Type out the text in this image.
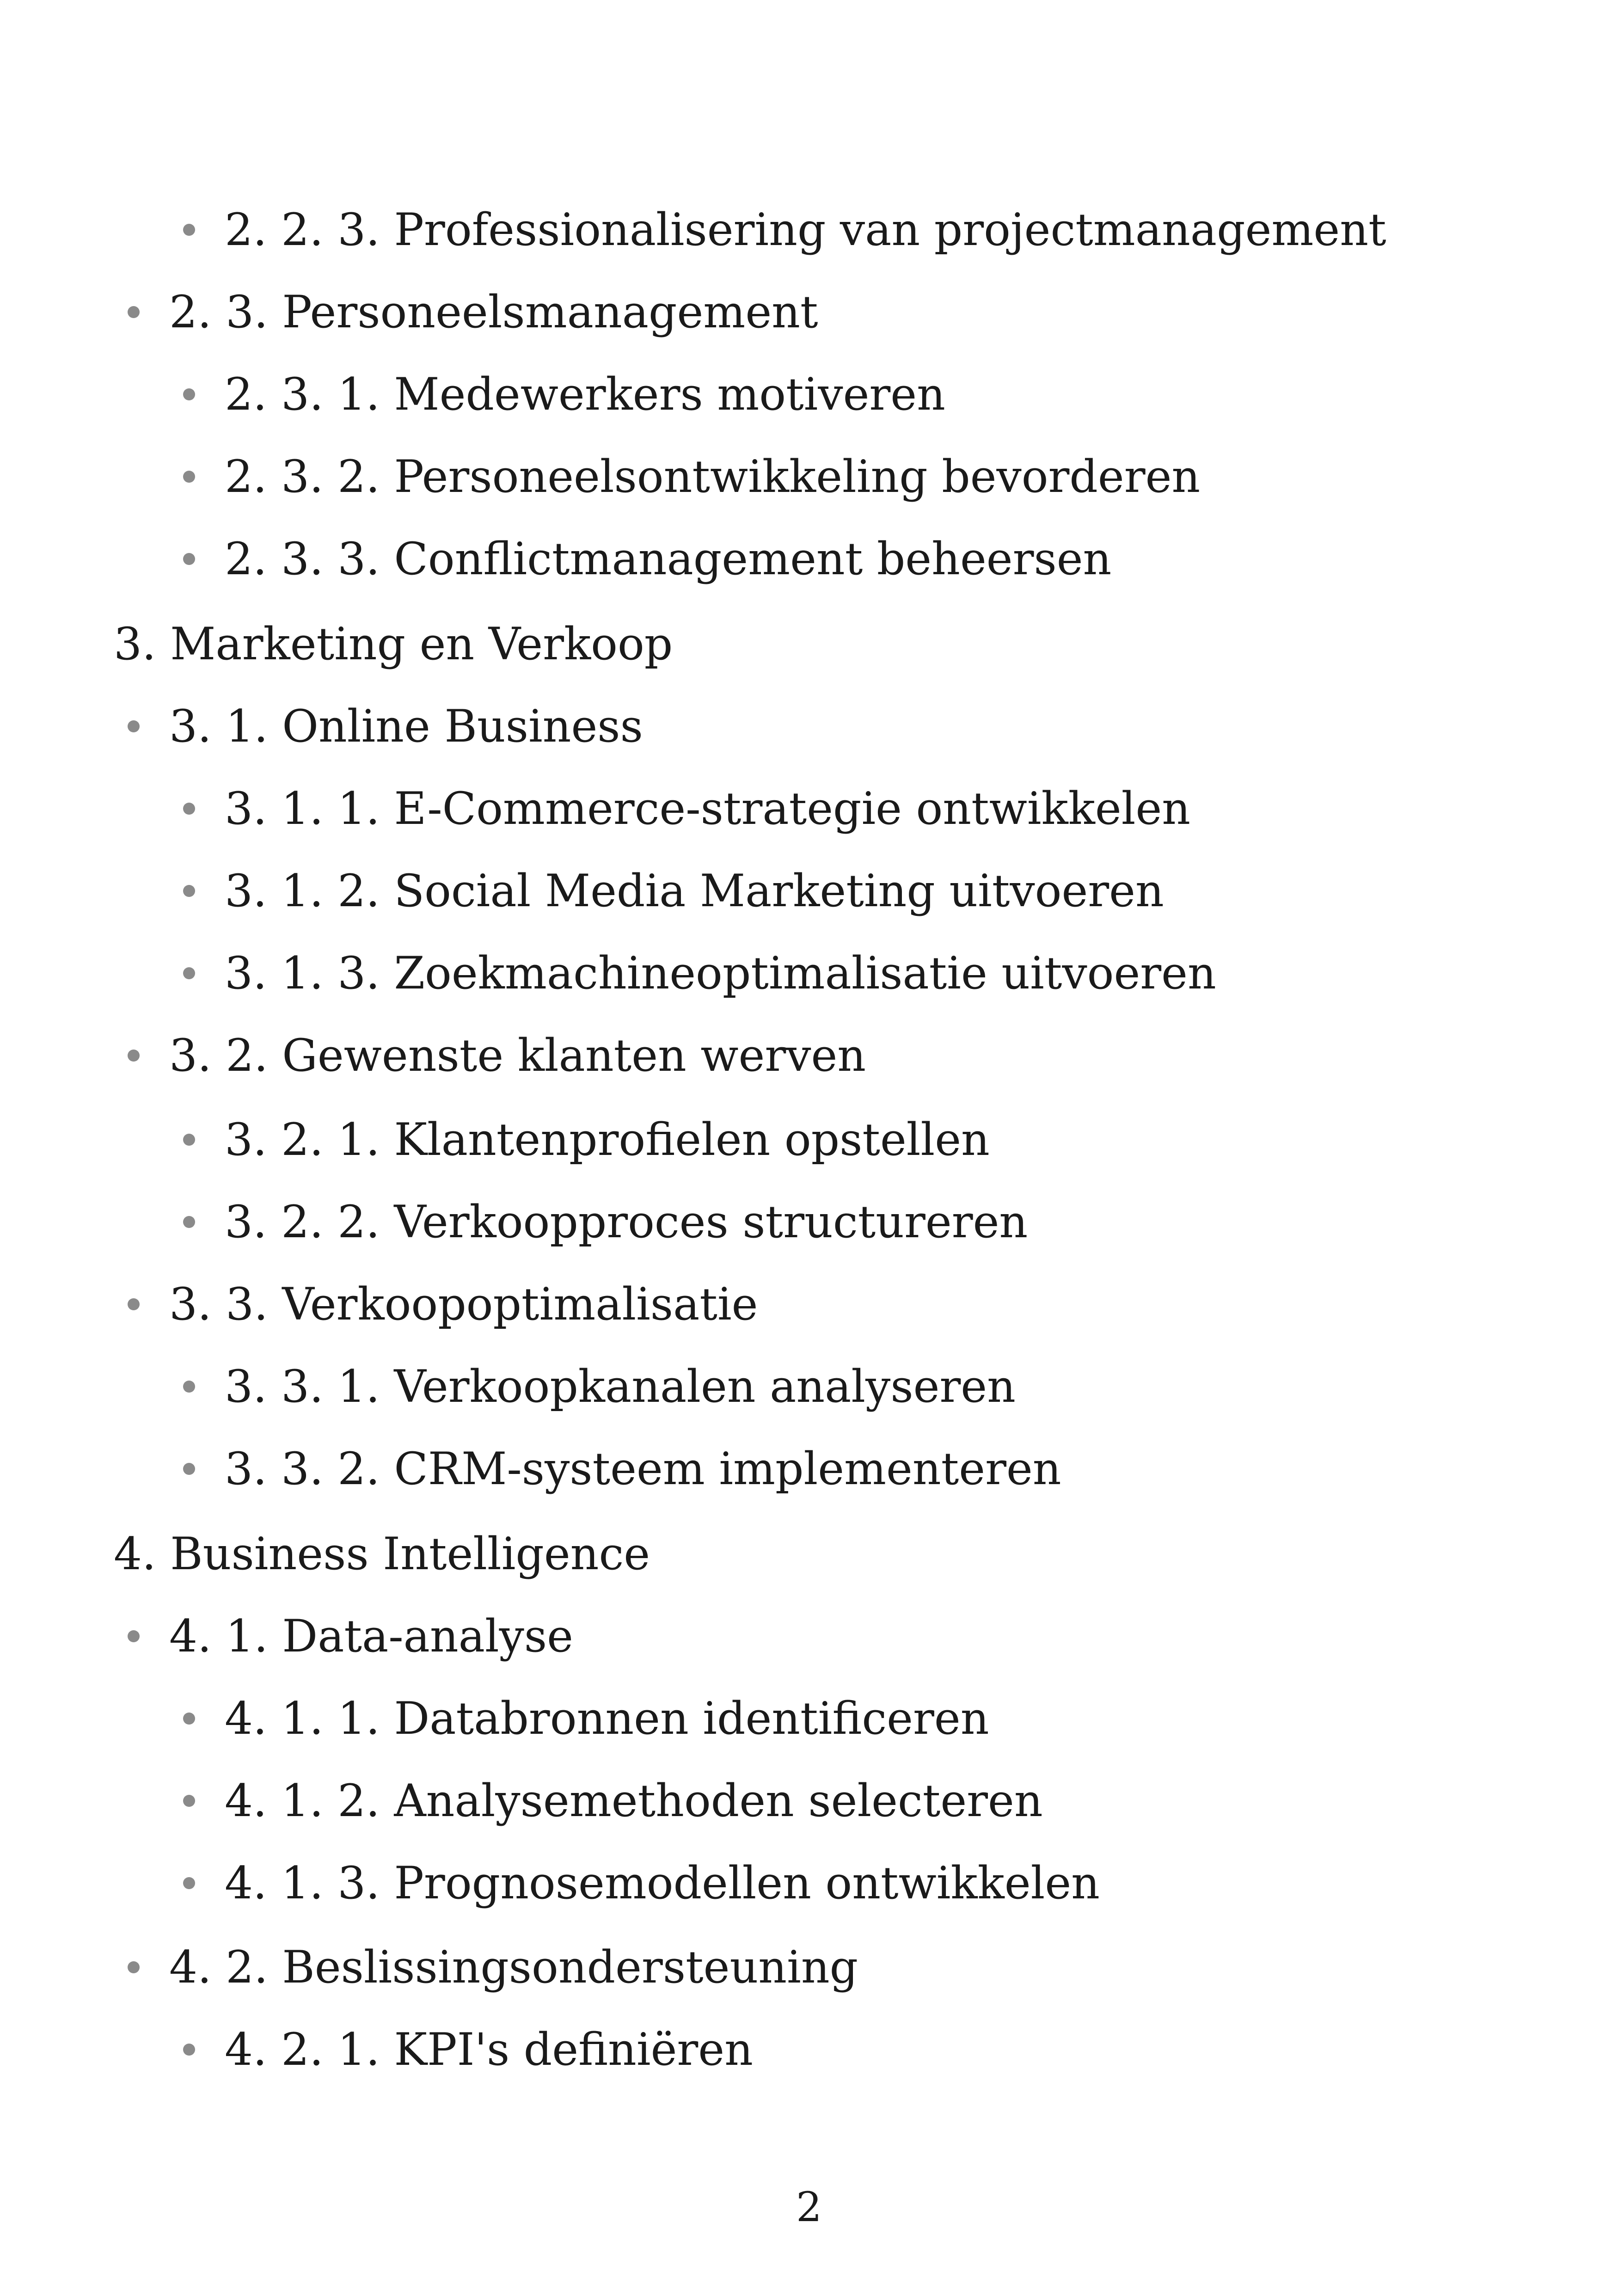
2. 2. 3. Professionalisering van projectmanagement
2. 3. Personeelsmanagement
2. 3. 1. Medewerkers motiveren
2. 3. 2. Personeelsontwikkeling bevorderen
2. 3. 3. Conflictmanagement beheersen
3. Marketing en Verkoop
3. 1. Online Business
3. 1. 1. E-Commerce-strategie ontwikkelen
3. 1. 2. Social Media Marketing uitvoeren
3. 1. 3. Zoekmachineoptimalisatie uitvoeren
3. 2. Gewenste klanten werven
3. 2. 1. Klantenprofielen opstellen
3. 2. 2. Verkoopproces structureren
3. 3. Verkoopoptimalisatie
3. 3. 1. Verkoopkanalen analyseren
3. 3. 2. CRM-systeem implementeren
4. Business Intelligence
4. 1. Data-analyse
4. 1. 1. Databronnen identificeren
4. 1. 2. Analysemethoden selecteren
4. 1. 3. Prognosemodellen ontwikkelen
4. 2. Beslissingsondersteuning
4. 2. 1. KPI's definiëren
2
